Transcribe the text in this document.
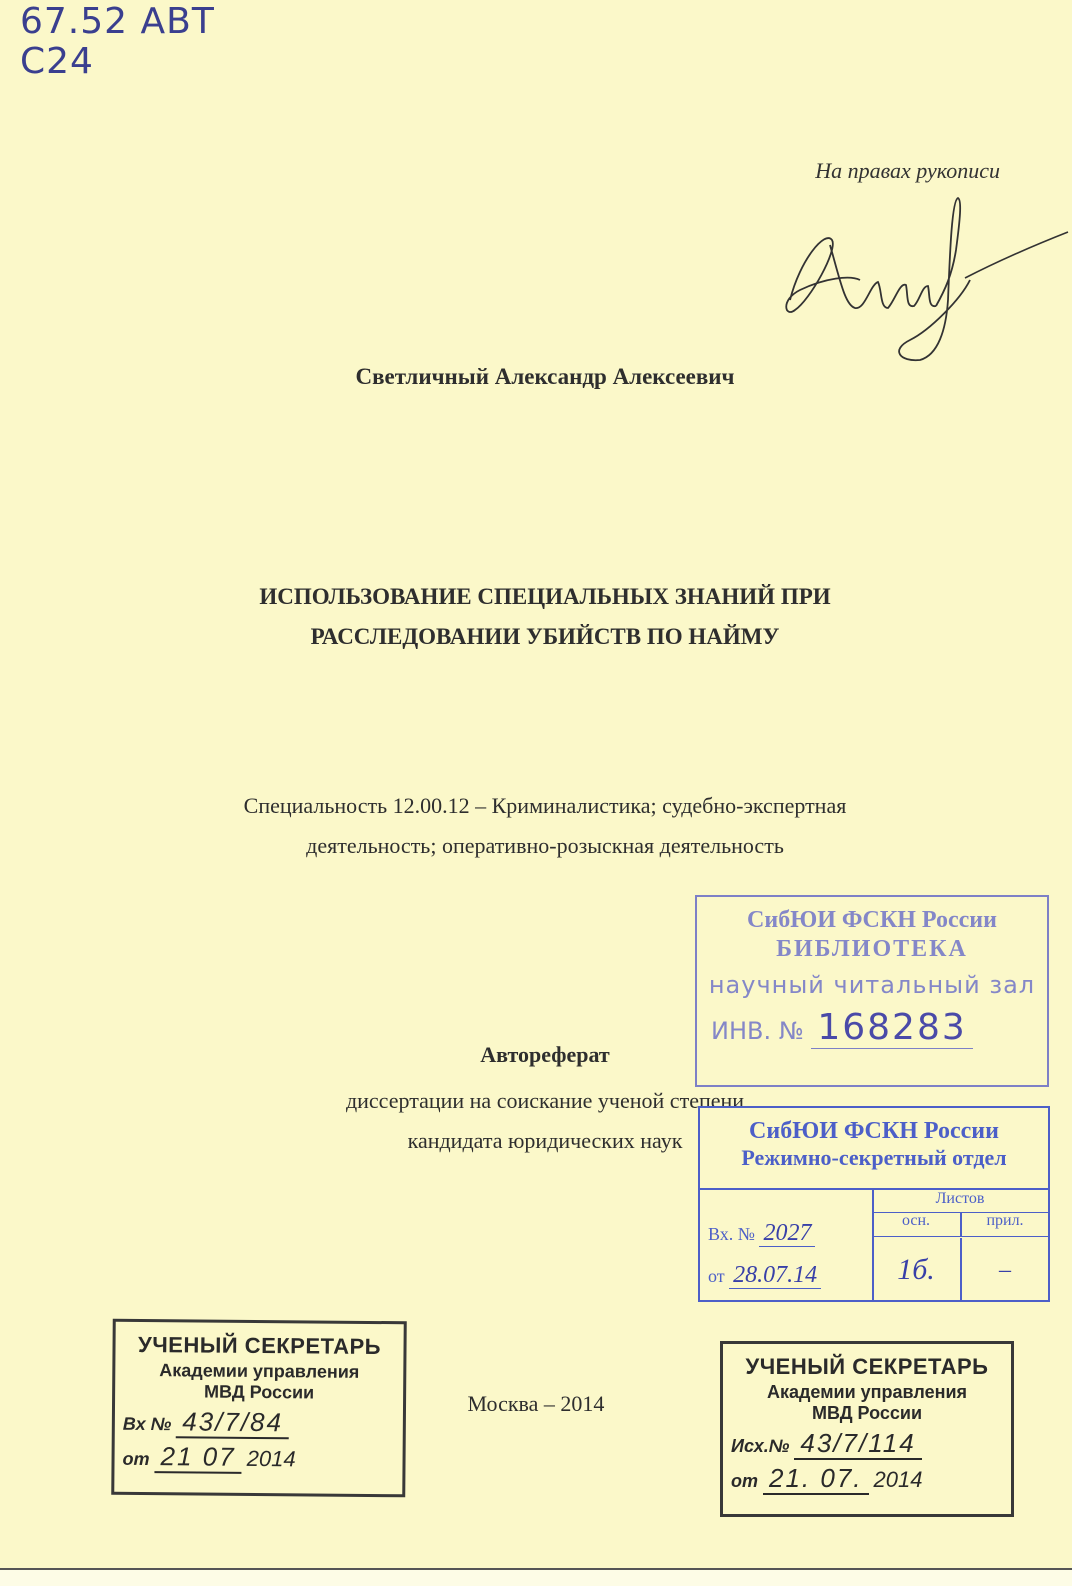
67.52 АВТ
С24
На правах рукописи
Светличный Александр Алексеевич
ИСПОЛЬЗОВАНИЕ СПЕЦИАЛЬНЫХ ЗНАНИЙ ПРИ
РАССЛЕДОВАНИИ УБИЙСТВ ПО НАЙМУ
Специальность 12.00.12 – Криминалистика; судебно-экспертная
деятельность; оперативно-розыскная деятельность
Автореферат
диссертации на соискание ученой степени
кандидата юридических наук
Москва – 2014
СибЮИ ФСКН России
БИБЛИОТЕКА
научный читальный зал
ИНВ. № 168283
СибЮИ ФСКН России
Режимно-секретный отдел
Вх. № 2027
от 28.07.14
Листов
осн.	прил.
1б.	–
УЧЕНЫЙ СЕКРЕТАРЬ
Академии управления
МВД России
Вх № 43/7/84
от 21 07 2014
УЧЕНЫЙ СЕКРЕТАРЬ
Академии управления
МВД России
Исх.№ 43/7/114
от 21. 07. 2014
